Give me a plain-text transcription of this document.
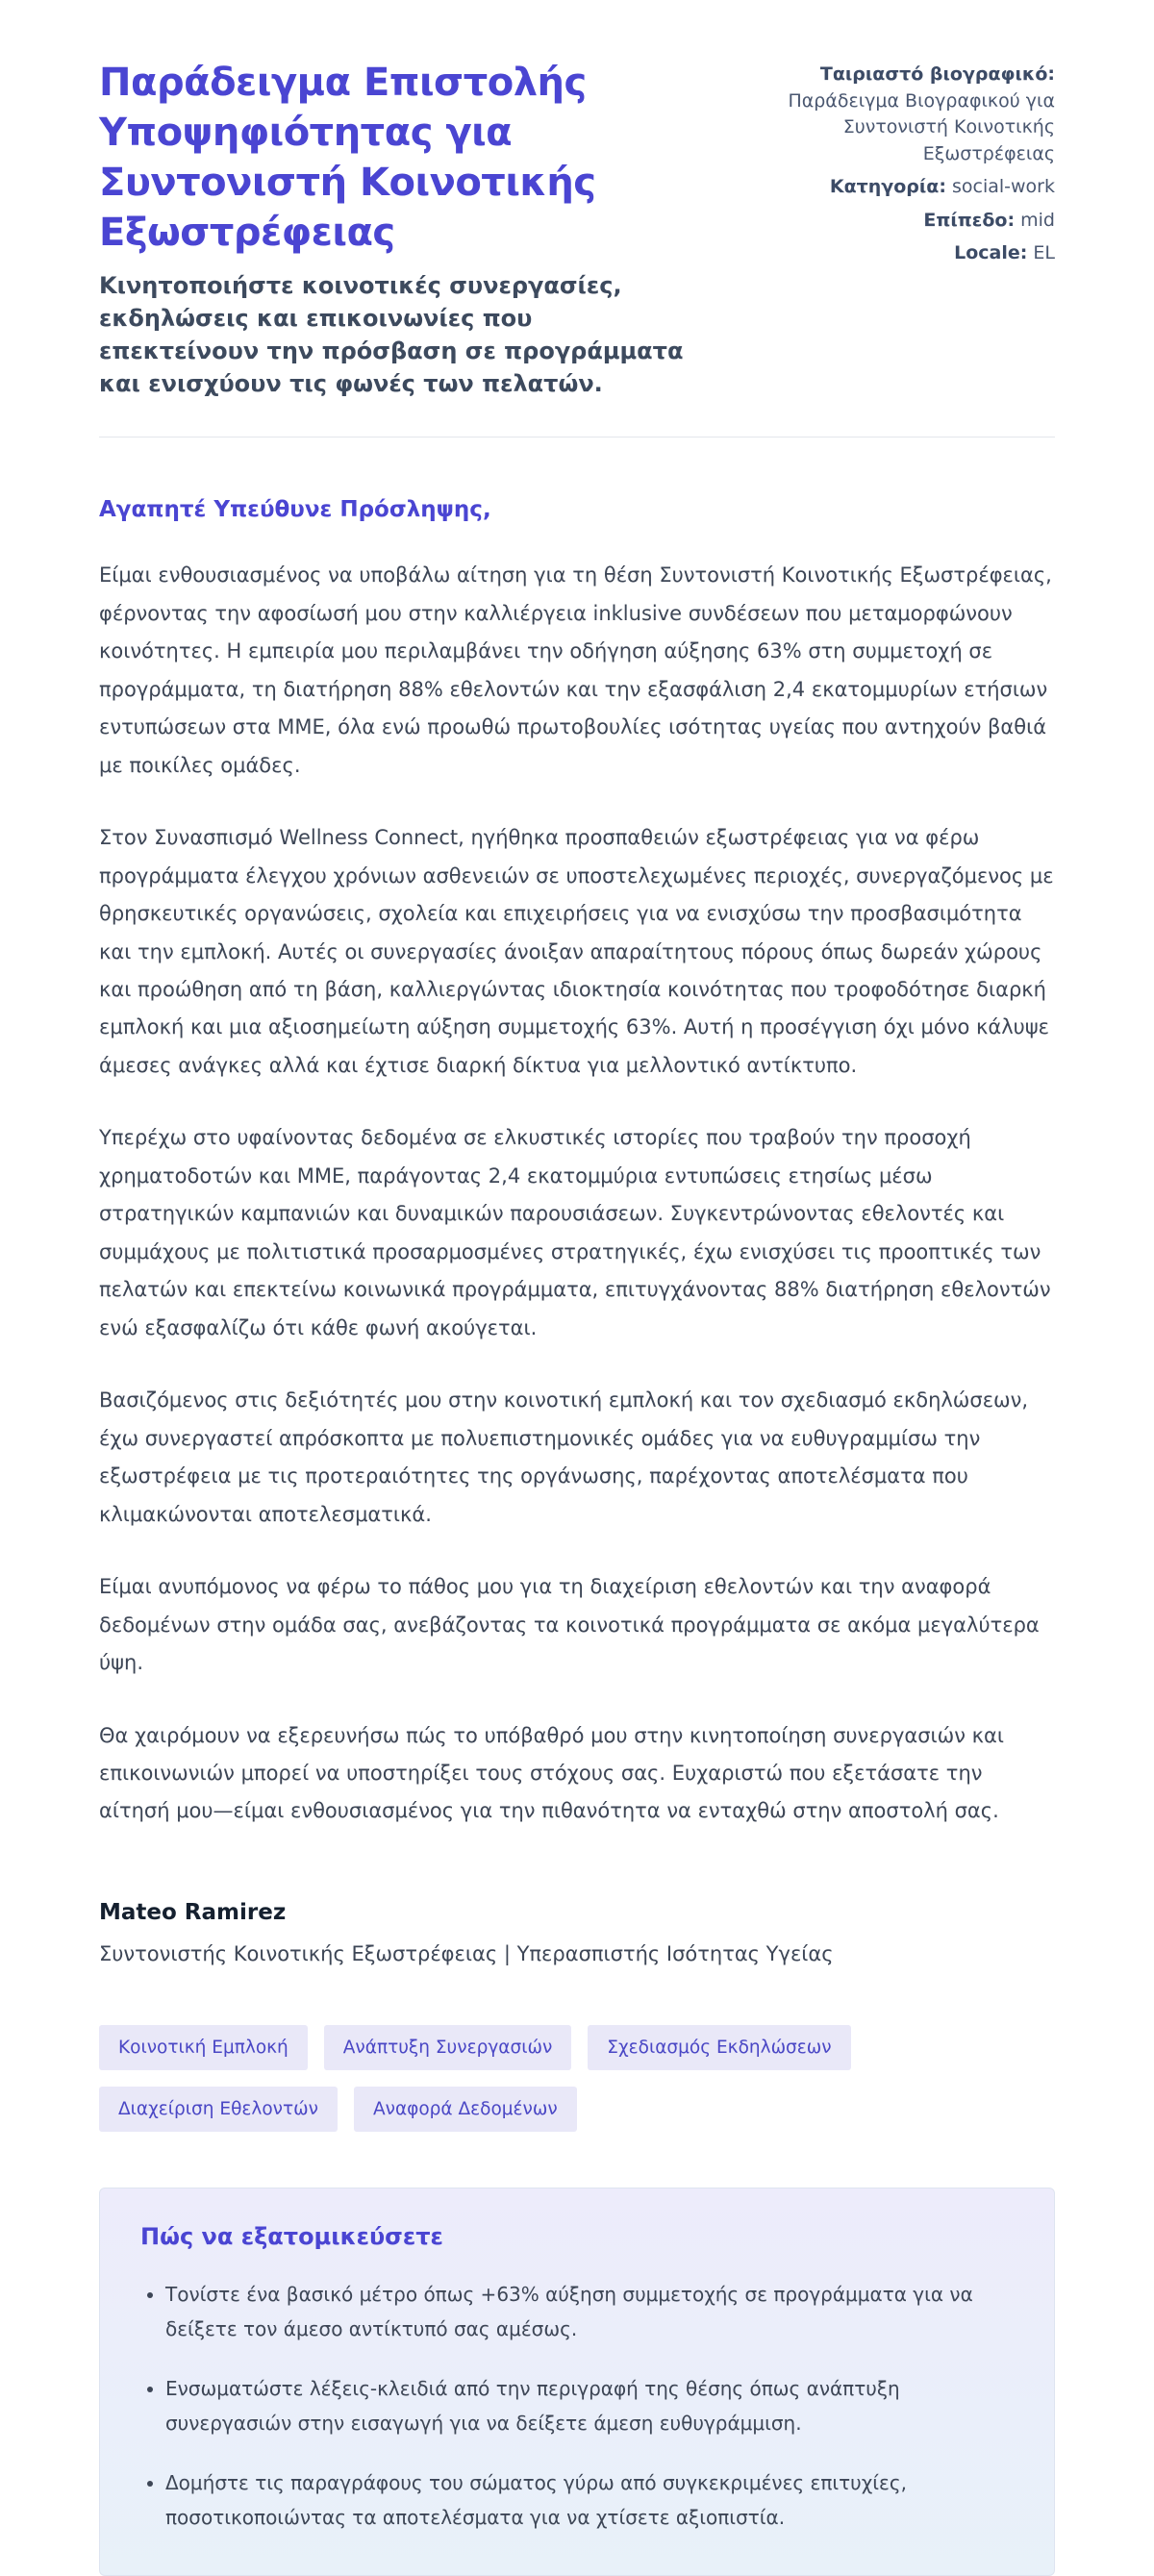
Παράδειγμα Επιστολής Υποψηφιότητας για Συντονιστή Κοινοτικής Εξωστρέφειας

Κινητοποιήστε κοινοτικές συνεργασίες, εκδηλώσεις και επικοινωνίες που επεκτείνουν την πρόσβαση σε προγράμματα και ενισχύουν τις φωνές των πελατών.

Ταιριαστό βιογραφικό:
Παράδειγμα Βιογραφικού για Συντονιστή Κοινοτικής Εξωστρέφειας
Κατηγορία: social-work
Επίπεδο: mid
Locale: EL

Αγαπητέ Υπεύθυνε Πρόσληψης,

Είμαι ενθουσιασμένος να υποβάλω αίτηση για τη θέση Συντονιστή Κοινοτικής Εξωστρέφειας, φέρνοντας την αφοσίωσή μου στην καλλιέργεια inklusive συνδέσεων που μεταμορφώνουν κοινότητες. Η εμπειρία μου περιλαμβάνει την οδήγηση αύξησης 63% στη συμμετοχή σε προγράμματα, τη διατήρηση 88% εθελοντών και την εξασφάλιση 2,4 εκατομμυρίων ετήσιων εντυπώσεων στα ΜΜΕ, όλα ενώ προωθώ πρωτοβουλίες ισότητας υγείας που αντηχούν βαθιά με ποικίλες ομάδες.

Στον Συνασπισμό Wellness Connect, ηγήθηκα προσπαθειών εξωστρέφειας για να φέρω προγράμματα έλεγχου χρόνιων ασθενειών σε υποστελεχωμένες περιοχές, συνεργαζόμενος με θρησκευτικές οργανώσεις, σχολεία και επιχειρήσεις για να ενισχύσω την προσβασιμότητα και την εμπλοκή. Αυτές οι συνεργασίες άνοιξαν απαραίτητους πόρους όπως δωρεάν χώρους και προώθηση από τη βάση, καλλιεργώντας ιδιοκτησία κοινότητας που τροφοδότησε διαρκή εμπλοκή και μια αξιοσημείωτη αύξηση συμμετοχής 63%. Αυτή η προσέγγιση όχι μόνο κάλυψε άμεσες ανάγκες αλλά και έχτισε διαρκή δίκτυα για μελλοντικό αντίκτυπο.

Υπερέχω στο υφαίνοντας δεδομένα σε ελκυστικές ιστορίες που τραβούν την προσοχή χρηματοδοτών και ΜΜΕ, παράγοντας 2,4 εκατομμύρια εντυπώσεις ετησίως μέσω στρατηγικών καμπανιών και δυναμικών παρουσιάσεων. Συγκεντρώνοντας εθελοντές και συμμάχους με πολιτιστικά προσαρμοσμένες στρατηγικές, έχω ενισχύσει τις προοπτικές των πελατών και επεκτείνω κοινωνικά προγράμματα, επιτυγχάνοντας 88% διατήρηση εθελοντών ενώ εξασφαλίζω ότι κάθε φωνή ακούγεται.

Βασιζόμενος στις δεξιότητές μου στην κοινοτική εμπλοκή και τον σχεδιασμό εκδηλώσεων, έχω συνεργαστεί απρόσκοπτα με πολυεπιστημονικές ομάδες για να ευθυγραμμίσω την εξωστρέφεια με τις προτεραιότητες της οργάνωσης, παρέχοντας αποτελέσματα που κλιμακώνονται αποτελεσματικά.

Είμαι ανυπόμονος να φέρω το πάθος μου για τη διαχείριση εθελοντών και την αναφορά δεδομένων στην ομάδα σας, ανεβάζοντας τα κοινοτικά προγράμματα σε ακόμα μεγαλύτερα ύψη.

Θα χαιρόμουν να εξερευνήσω πώς το υπόβαθρό μου στην κινητοποίηση συνεργασιών και επικοινωνιών μπορεί να υποστηρίξει τους στόχους σας. Ευχαριστώ που εξετάσατε την αίτησή μου—είμαι ενθουσιασμένος για την πιθανότητα να ενταχθώ στην αποστολή σας.

Mateo Ramirez

Συντονιστής Κοινοτικής Εξωστρέφειας | Υπερασπιστής Ισότητας Υγείας

Κοινοτική Εμπλοκή	Ανάπτυξη Συνεργασιών	Σχεδιασμός Εκδηλώσεων
Διαχείριση Εθελοντών	Αναφορά Δεδομένων
Πώς να εξατομικεύσετε
• Τονίστε ένα βασικό μέτρο όπως +63% αύξηση συμμετοχής σε προγράμματα για να δείξετε τον άμεσο αντίκτυπό σας αμέσως.
• Ενσωματώστε λέξεις-κλειδιά από την περιγραφή της θέσης όπως ανάπτυξη συνεργασιών στην εισαγωγή για να δείξετε άμεση ευθυγράμμιση.
• Δομήστε τις παραγράφους του σώματος γύρω από συγκεκριμένες επιτυχίες, ποσοτικοποιώντας τα αποτελέσματα για να χτίσετε αξιοπιστία.
